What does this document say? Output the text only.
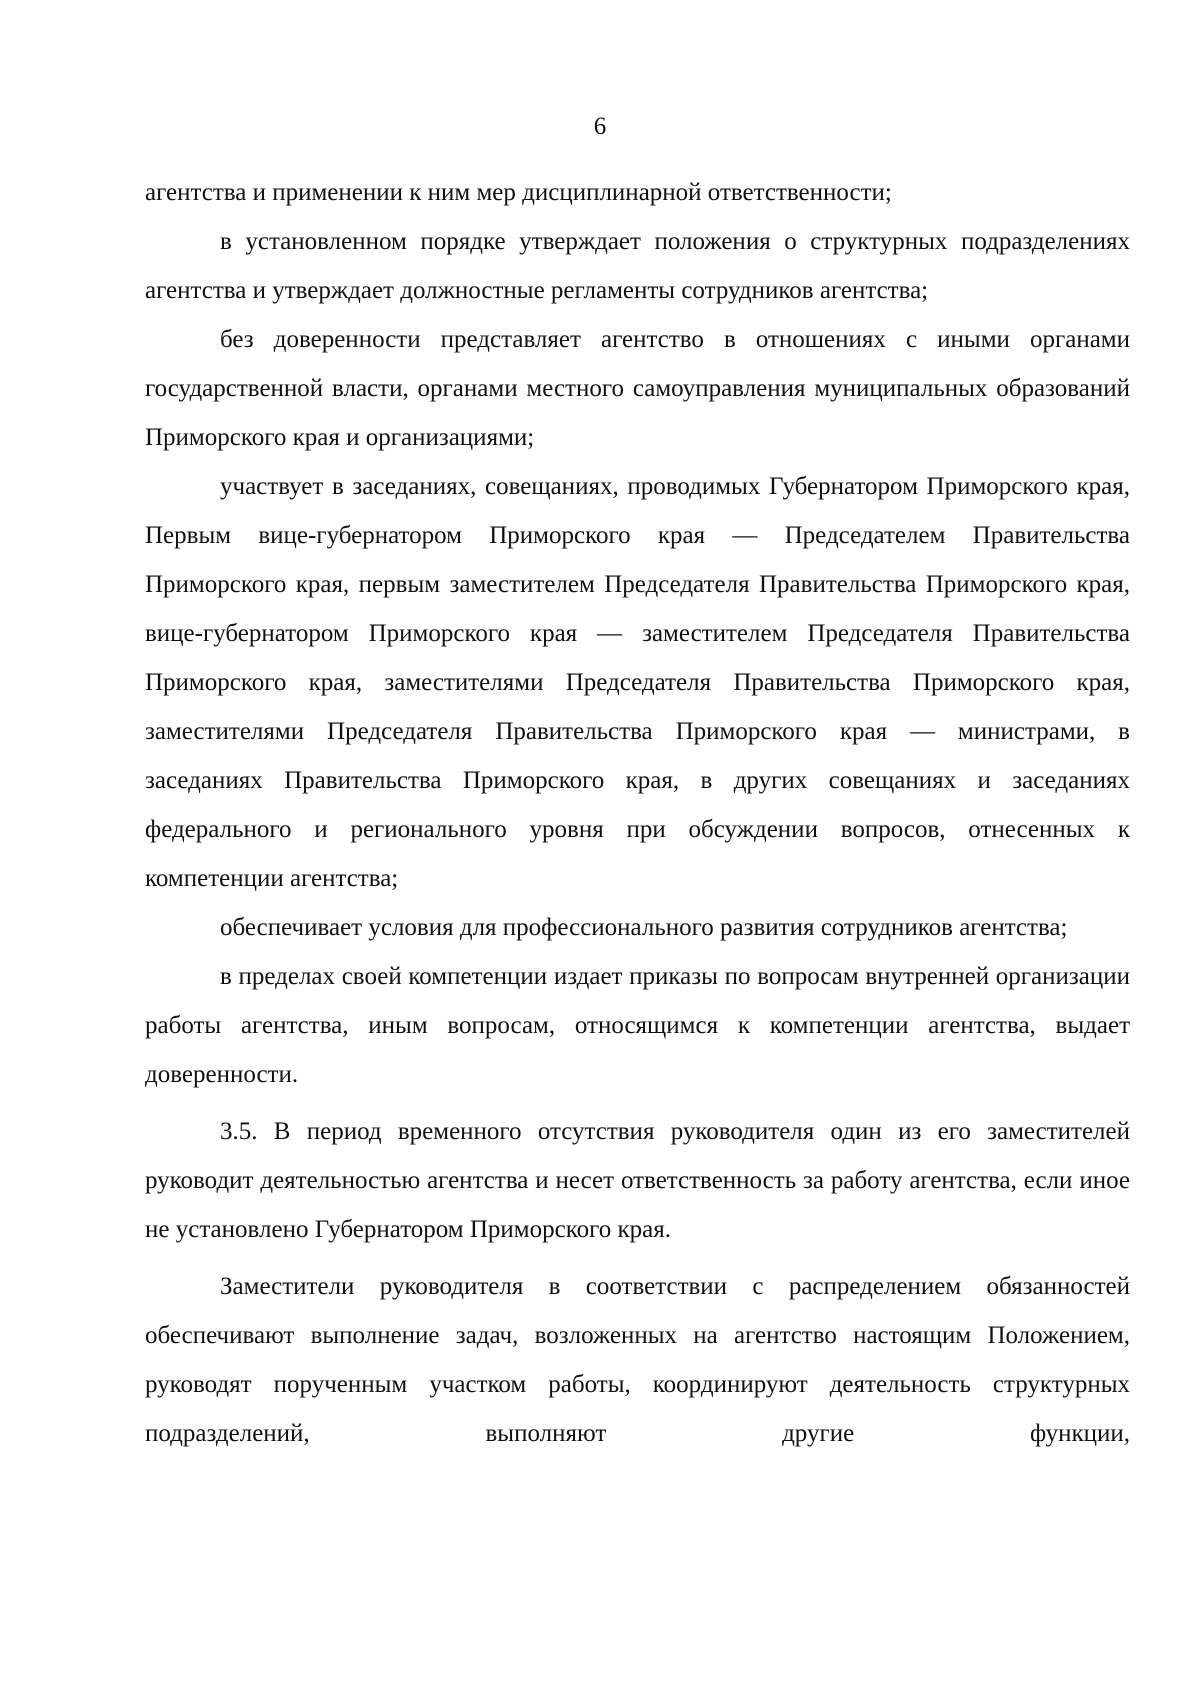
6

агентства и применении к ним мер дисциплинарной ответственности;

в установленном порядке утверждает положения о структурных подразделениях агентства и утверждает должностные регламенты сотрудников агентства;

без доверенности представляет агентство в отношениях с иными органами государственной власти, органами местного самоуправления муниципальных образований Приморского края и организациями;

участвует в заседаниях, совещаниях, проводимых Губернатором Приморского края, Первым вице-губернатором Приморского края — Председателем Правительства Приморского края, первым заместителем Председателя Правительства Приморского края, вице-губернатором Приморского края — заместителем Председателя Правительства Приморского края, заместителями Председателя Правительства Приморского края, заместителями Председателя Правительства Приморского края — министрами, в заседаниях Правительства Приморского края, в других совещаниях и заседаниях федерального и регионального уровня при обсуждении вопросов, отнесенных к компетенции агентства;

обеспечивает условия для профессионального развития сотрудников агентства;

в пределах своей компетенции издает приказы по вопросам внутренней организации работы агентства, иным вопросам, относящимся к компетенции агентства, выдает доверенности.

3.5. В период временного отсутствия руководителя один из его заместителей руководит деятельностью агентства и несет ответственность за работу агентства, если иное не установлено Губернатором Приморского края.

Заместители руководителя в соответствии с распределением обязанностей обеспечивают выполнение задач, возложенных на агентство настоящим Положением, руководят порученным участком работы, координируют деятельность структурных подразделений, выполняют другие функции,
